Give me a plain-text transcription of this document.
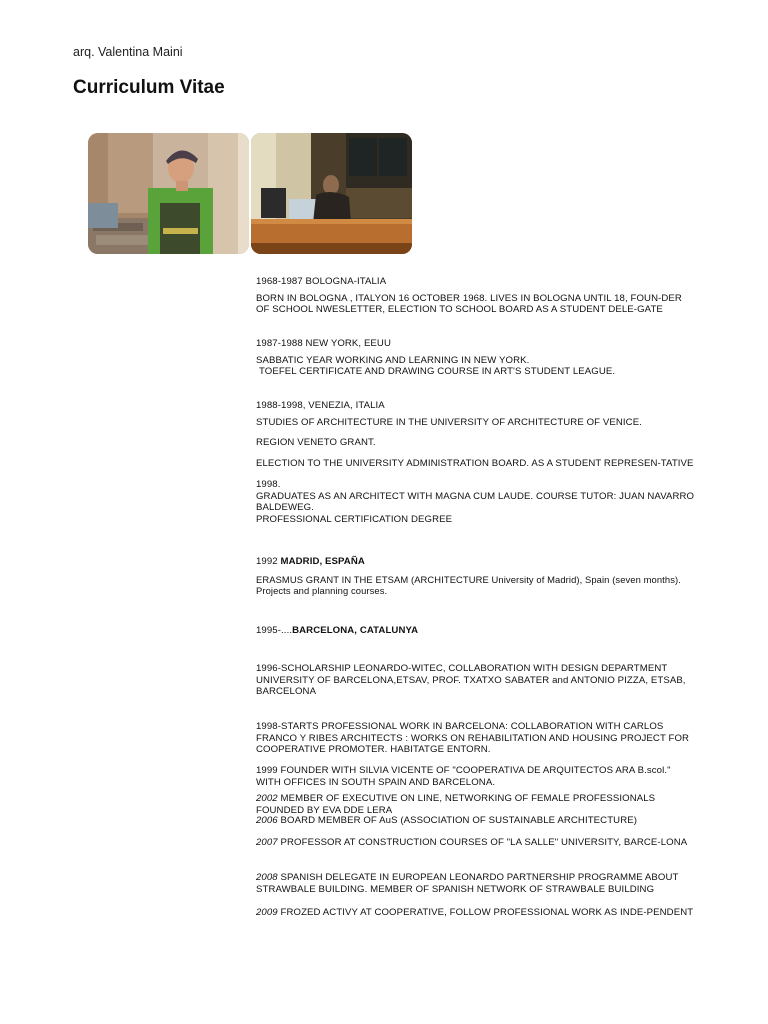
arq. Valentina Maini
Curriculum Vitae

1968-1987 BOLOGNA-ITALIA

BORN IN BOLOGNA , ITALYON 16 OCTOBER 1968. LIVES IN BOLOGNA UNTIL 18, FOUN-DER OF SCHOOL NWESLETTER, ELECTION TO SCHOOL BOARD AS A STUDENT DELE-GATE

1987-1988 NEW YORK, EEUU

SABBATIC YEAR WORKING AND LEARNING IN NEW YORK.

TOEFEL CERTIFICATE AND DRAWING COURSE IN ART'S STUDENT LEAGUE.

1988-1998, VENEZIA, ITALIA

STUDIES OF ARCHITECTURE IN THE UNIVERSITY OF ARCHITECTURE OF VENICE.

REGION VENETO GRANT.

ELECTION TO THE UNIVERSITY ADMINISTRATION BOARD. AS A STUDENT REPRESEN-TATIVE

1998.

GRADUATES AS AN ARCHITECT WITH MAGNA CUM LAUDE. COURSE TUTOR: JUAN NAVARRO BALDEWEG.

PROFESSIONAL CERTIFICATION DEGREE

1992 MADRID, ESPAÑA

ERASMUS GRANT IN THE ETSAM (ARCHITECTURE University of Madrid), Spain (seven months). Projects and planning courses.

1995-....BARCELONA, CATALUNYA

1996-SCHOLARSHIP LEONARDO-WITEC, COLLABORATION WITH DESIGN DEPARTMENT UNIVERSITY OF BARCELONA,ETSAV, PROF. TXATXO SABATER and ANTONIO PIZZA, ETSAB, BARCELONA

1998-STARTS PROFESSIONAL WORK IN BARCELONA: COLLABORATION WITH CARLOS FRANCO Y RIBES ARCHITECTS : WORKS ON REHABILITATION AND HOUSING PROJECT FOR COOPERATIVE PROMOTER. HABITATGE ENTORN.

1999 FOUNDER WITH SILVIA VICENTE OF "COOPERATIVA DE ARQUITECTOS ARA B.scol." WITH OFFICES IN SOUTH SPAIN AND BARCELONA.

2002 MEMBER OF EXECUTIVE ON LINE, NETWORKING OF FEMALE PROFESSIONALS FOUNDED BY EVA DDE LERA

2006 BOARD MEMBER OF AuS (ASSOCIATION OF SUSTAINABLE ARCHITECTURE)

2007 PROFESSOR AT CONSTRUCTION COURSES OF "LA SALLE" UNIVERSITY, BARCE-LONA

2008 SPANISH DELEGATE IN EUROPEAN LEONARDO PARTNERSHIP PROGRAMME ABOUT STRAWBALE BUILDING. MEMBER OF SPANISH NETWORK OF STRAWBALE BUILDING

2009 FROZED ACTIVY AT COOPERATIVE, FOLLOW PROFESSIONAL WORK AS INDE-PENDENT
